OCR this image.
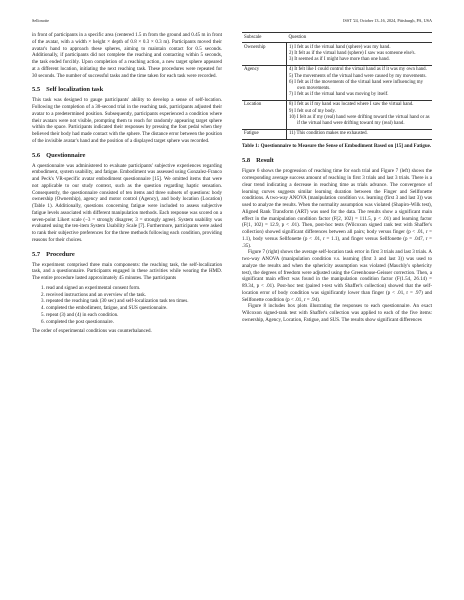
Sellonotte	ISST '24, October 13–16, 2024, Pittsburgh, PA, USA

in front of participants in a specific area (centered 1.5 m from the ground and 0.45 m in front of the avatar, with a width × height × depth of 0.8 × 0.3 × 0.3 m). Participants moved their avatar's hand to approach these spheres, aiming to maintain contact for 0.5 seconds. Additionally, if participants did not complete the reaching and contacting within 5 seconds, the task ended forcibly. Upon completion of a reaching action, a new target sphere appeared at a different location, initiating the next reaching task. These procedures were repeated for 30 seconds. The number of successful tasks and the time taken for each task were recorded.

5.5 Self localization task

This task was designed to gauge participants' ability to develop a sense of self-location. Following the completion of a 30-second trial in the reaching task, participants adjusted their avatar to a predetermined position. Subsequently, participants experienced a condition where their avatars were not visible, prompting them to reach for randomly appearing target sphere within the space. Participants indicated their responses by pressing the foot pedal when they believed their body had made contact with the sphere. The distance error between the position of the invisible avatar's hand and the position of a displayed target sphere was recorded.

5.6 Questionnaire

A questionnaire was administered to evaluate participants' subjective experiences regarding embodiment, system usability, and fatigue. Embodiment was assessed using Gonzalez-Franco and Peck's VR-specific avatar embodiment questionnaire [15]. We omitted items that were not applicable to our study context, such as the question regarding haptic sensation. Consequently, the questionnaire consisted of ten items and three subsets of questions: body ownership (Ownership), agency and motor control (Agency), and body location (Location) (Table 1). Additionally, questions concerning fatigue were included to assess subjective fatigue levels associated with different manipulation methods. Each response was scored on a seven-point Likert scale (−3 = strongly disagree; 3 = strongly agree). System usability was evaluated using the ten-item System Usability Scale [7]. Furthermore, participants were asked to rank their subjective preferences for the three methods following each condition, providing reasons for their choices.

5.7 Procedure

The experiment comprised three main components: the reaching task, the self-localization task, and a questionnaire. Participants engaged in these activities while wearing the HMD. The entire procedure lasted approximately 45 minutes. The participants

1. read and signed an experimental consent form.
2. received instructions and an overview of the task.
3. repeated the reaching task (30 sec) and self-localization task ten times.
4. completed the embodiment, fatigue, and SUS questionnaire.
5. repeat (3) and (4) in each condition.
6. completed the post questionnaire.

The order of experimental conditions was counterbalanced.

Subscale	Question
Ownership	1) I felt as if the virtual hand (sphere) was my hand.
2) It felt as if the virtual hand (sphere) I saw was someone else's.
3) It seemed as if I might have more than one hand.

Agency	4) It felt like I could control the virtual hand as if it was my own hand.
5) The movements of the virtual hand were caused by my movements.
6) I felt as if the movements of the virtual hand were influencing my own movements.
7) I felt as if the virtual hand was moving by itself.

Location	8) I felt as if my hand was located where I saw the virtual hand.
9) I felt out of my body.
10) I felt as if my (real) hand were drifting toward the virtual hand or as if the virtual hand were drifting toward my (real) hand.

Fatigue	11) This condition makes me exhausted.
Table 1: Questionnaire to Measure the Sense of Embodiment Based on [15] and Fatigue.
5.8 Result

Figure 6 shows the progression of reaching time for each trial and Figure 7 (left) shows the corresponding average success amount of reaching in first 3 trials and last 3 trials. There is a clear trend indicating a decrease in reaching time as trials advance. The convergence of learning curves suggests similar learning duration between the Finger and Sellfonette conditions. A two-way ANOVA (manipulation condition v.s. learning (first 3 and last 3)) was used to analyze the results. When the normality assumption was violated (Shapiro-Wilk test), Aligned Rank Transform (ART) was used for the data. The results show a significant main effect in the manipulation condition factor (F(2, 102) = 111.5, p < .01) and learning factor (F(1, 102) = 12.9, p < .01). Then, post-hoc tests (Wilcoxon signed rank test with Shaffer's collection) showed significant differences between all pairs; body versus finger (p < .01, r = 1.1), body versus Sellfonette (p < .01, r = 1.1), and finger versus Sellfonette (p = .047, r = .35).

Figure 7 (right) shows the average self-location task error in first 3 trials and last 3 trials. A two-way ANOVA (manipulation condition v.s. learning (first 3 and last 3)) was used to analyze the results and when the sphericity assumption was violated (Mauchly's sphericity test), the degrees of freedom were adjusted using the Greenhouse-Geisser correction. Then, a significant main effect was found in the manipulation condition factor (F(1.54, 26.14) = 89.34, p < .01). Post-hoc test (paired t-test with Shaffer's collection) showed that the self-location error of body condition was significantly lower than finger (p < .01, r = .97) and Sellfonette condition (p < .01, r = .94).

Figure 8 includes box plots illustrating the responses to each questionnaire. An exact Wilcoxon signed-rank test with Shaffer's collection was applied to each of the five items: ownership, Agency, Location, Fatigue, and SUS. The results show significant differences
